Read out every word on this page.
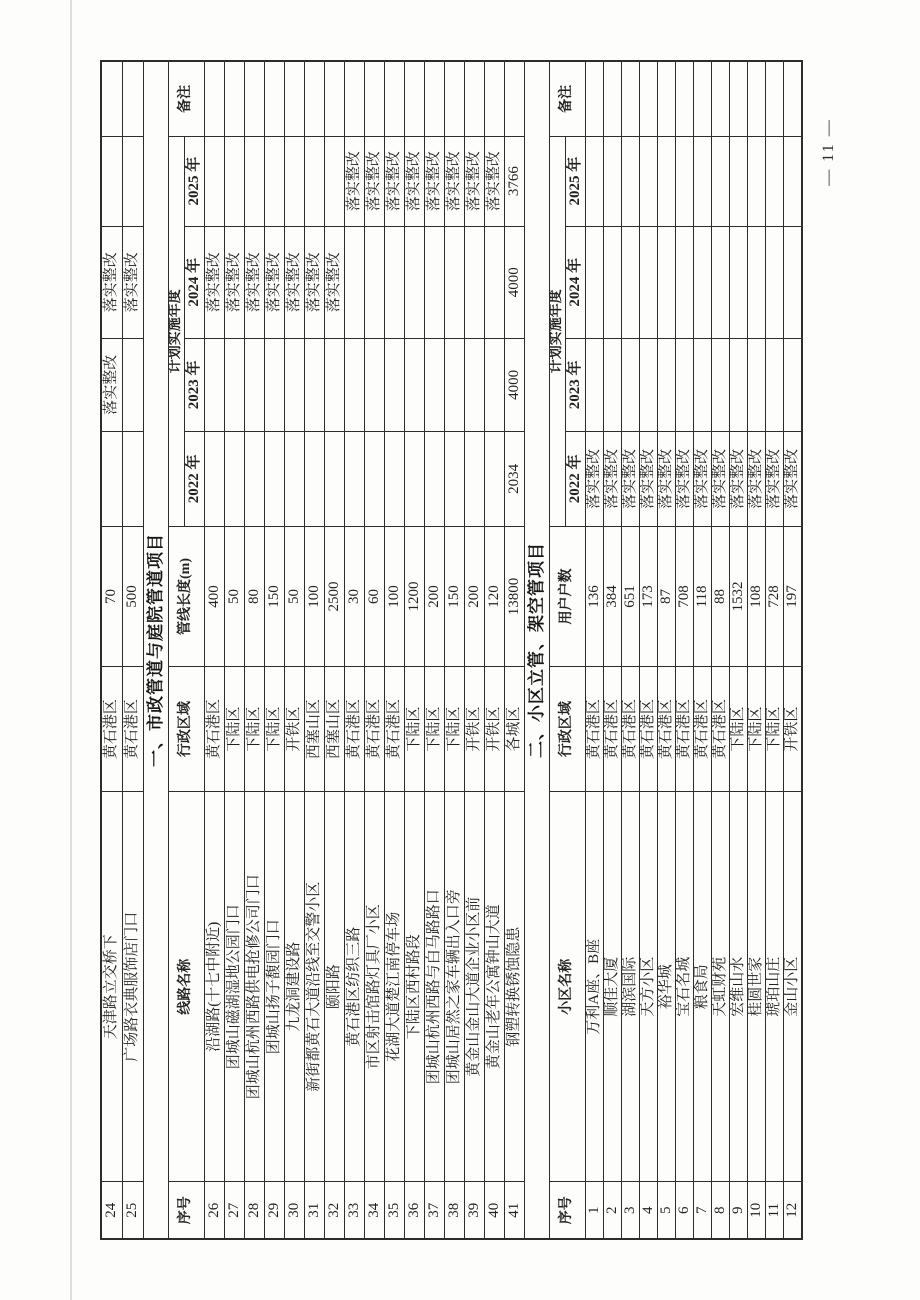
24	天津路立交桥下	黄石港区	70		落实整改	落实整改		
25	广场路衣典服饰店门口	黄石港区	500			落实整改		
一、市政管道与庭院管道项目								
序号	线路名称	行政区域	管线长度(m)	计划实施年度				备注
				2022 年	2023 年	2024 年	2025 年	
26	沿湖路(十七中附近)	黄石港区	400			落实整改		
27	团城山磁湖湿地公园门口	下陆区	50			落实整改		
28	团城山杭州西路供电抢修公司门口	下陆区	80			落实整改		
29	团城山扬子馥园门口	下陆区	150			落实整改		
30	九龙洞建设路	开铁区	50			落实整改		
31	新街都黄石大道沿线至交警小区	西塞山区	100			落实整改		
32	颐阳路	西塞山区	2500			落实整改		
33	黄石港区纺织三路	黄石港区	30				落实整改	
34	市区射击馆路灯具厂小区	黄石港区	60				落实整改	
35	花湖大道楚江南停车场	黄石港区	100				落实整改	
36	下陆区西村路段	下陆区	1200				落实整改	
37	团城山杭州西路与白马路路口	下陆区	200				落实整改	
38	团城山居然之家车辆出入口旁	下陆区	150				落实整改	
39	黄金山金山大道企业小区前	开铁区	200				落实整改	
40	黄金山老年公寓钟山大道	开铁区	120				落实整改	
41	钢塑转换锈蚀隐患	各城区	13800	2034	4000	4000	3766	
二、小区立管、架空管项目								
序号	小区名称	行政区域	用户户数	计划实施年度				备注
				2022 年	2023 年	2024 年	2025 年	
1	万利A座、B座	黄石港区	136	落实整改				
2	顺佳大厦	黄石港区	384	落实整改				
3	湖滨国际	黄石港区	651	落实整改				
4	天方小区	黄石港区	173	落实整改				
5	裕华城	黄石港区	87	落实整改				
6	宝石名城	黄石港区	708	落实整改				
7	粮食局	黄石港区	118	落实整改				
8	天虹财苑	黄石港区	88	落实整改				
9	宏维山水	下陆区	1532	落实整改				
10	桂圆世家	下陆区	108	落实整改				
11	琥珀山庄	下陆区	728	落实整改				
12	金山小区	开铁区	197	落实整改				
— 11 —
